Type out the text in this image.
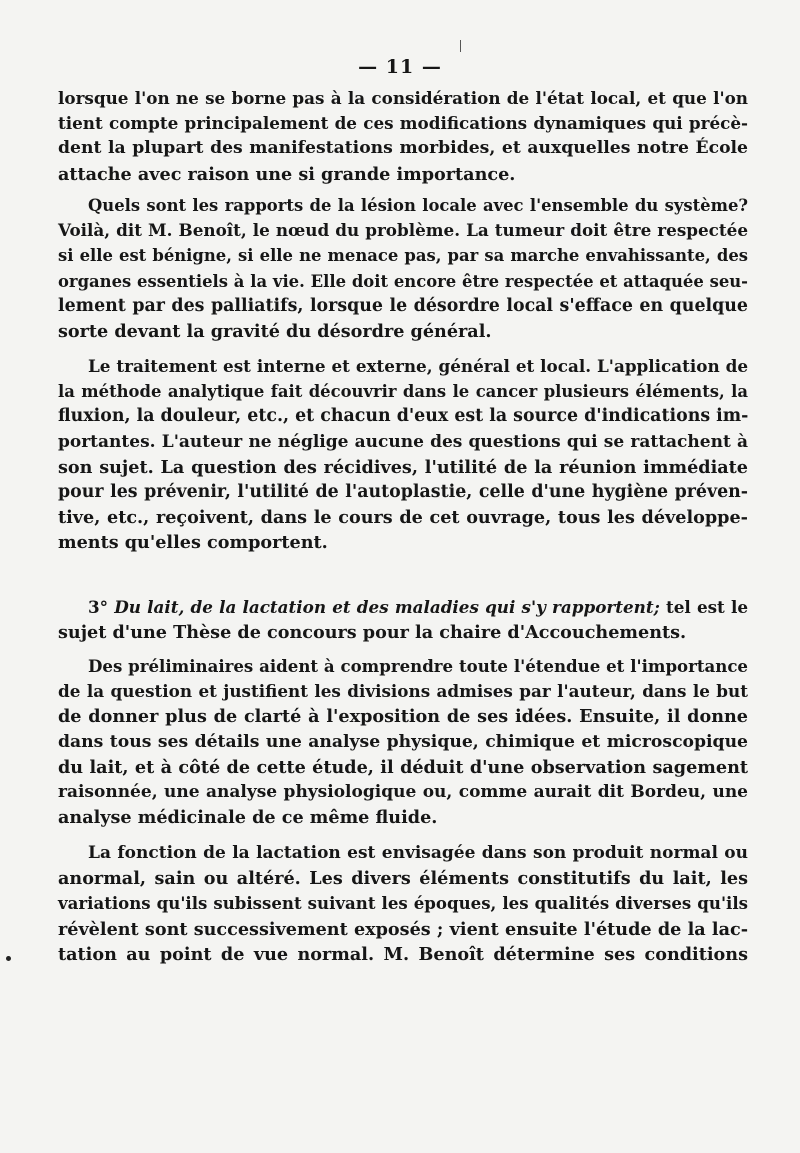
— 11 —

lorsque l'on ne se borne pas à la considération de l'état local, et que l'on
tient compte principalement de ces modifications dynamiques qui précè-
dent la plupart des manifestations morbides, et auxquelles notre École
attache avec raison une si grande importance.

Quels sont les rapports de la lésion locale avec l'ensemble du système?
Voilà, dit M. Benoît, le nœud du problème. La tumeur doit être respectée
si elle est bénigne, si elle ne menace pas, par sa marche envahissante, des
organes essentiels à la vie. Elle doit encore être respectée et attaquée seu-
lement par des palliatifs, lorsque le désordre local s'efface en quelque
sorte devant la gravité du désordre général.

Le traitement est interne et externe, général et local. L'application de
la méthode analytique fait découvrir dans le cancer plusieurs éléments, la
fluxion, la douleur, etc., et chacun d'eux est la source d'indications im-
portantes. L'auteur ne néglige aucune des questions qui se rattachent à
son sujet. La question des récidives, l'utilité de la réunion immédiate
pour les prévenir, l'utilité de l'autoplastie, celle d'une hygiène préven-
tive, etc., reçoivent, dans le cours de cet ouvrage, tous les développe-
ments qu'elles comportent.

3° Du lait, de la lactation et des maladies qui s'y rapportent; tel est le
sujet d'une Thèse de concours pour la chaire d'Accouchements.

Des préliminaires aident à comprendre toute l'étendue et l'importance
de la question et justifient les divisions admises par l'auteur, dans le but
de donner plus de clarté à l'exposition de ses idées. Ensuite, il donne
dans tous ses détails une analyse physique, chimique et microscopique
du lait, et à côté de cette étude, il déduit d'une observation sagement
raisonnée, une analyse physiologique ou, comme aurait dit Bordeu, une
analyse médicinale de ce même fluide.

La fonction de la lactation est envisagée dans son produit normal ou
anormal, sain ou altéré. Les divers éléments constitutifs du lait, les
variations qu'ils subissent suivant les époques, les qualités diverses qu'ils
révèlent sont successivement exposés ; vient ensuite l'étude de la lac-
tation au point de vue normal. M. Benoît détermine ses conditions
